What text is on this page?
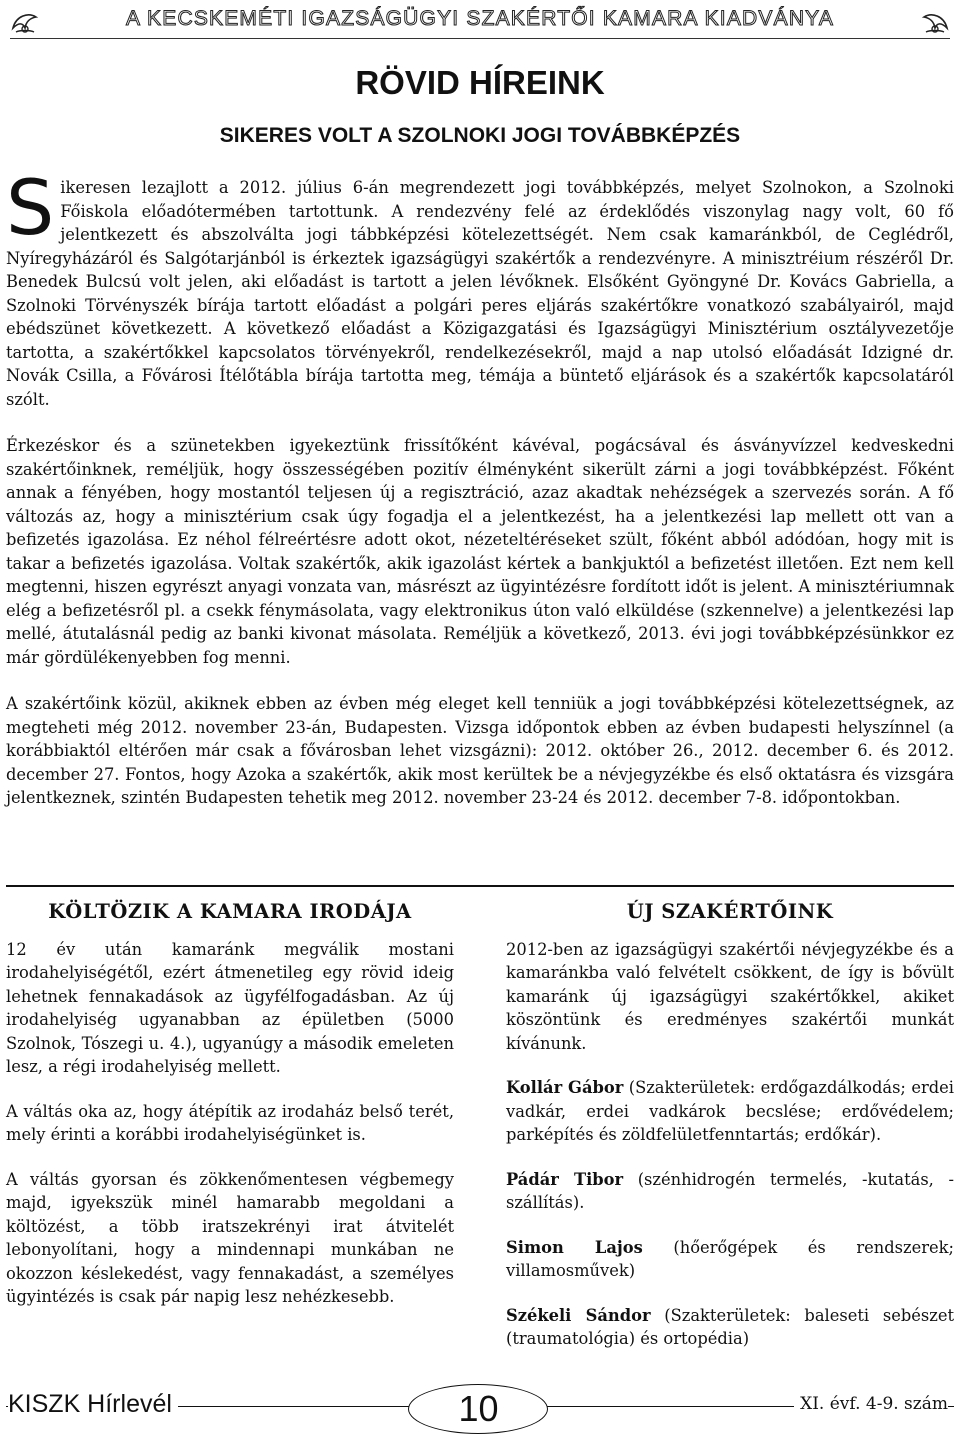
A KECSKEMÉTI IGAZSÁGÜGYI SZAKÉRTŐI KAMARA KIADVÁNYA
RÖVID HÍREINK
SIKERES VOLT A SZOLNOKI JOGI TOVÁBBKÉPZÉS

Sikeresen lezajlott a 2012. július 6-án megrendezett jogi továbbképzés, melyet Szolnokon, a Szolnoki Főiskola előadótermében tartottunk. A rendezvény felé az érdeklődés viszonylag nagy volt, 60 fő jelentkezett és abszolválta jogi tábbképzési kötelezettségét. Nem csak kamaránkból, de Ceglédről, Nyíregyházáról és Salgótarjánból is érkeztek igazságügyi szakértők a rendezvényre. A minisztréium részéről Dr. Benedek Bulcsú volt jelen, aki előadást is tartott a jelen lévőknek. Elsőként Gyöngyné Dr. Kovács Gabriella, a Szolnoki Törvényszék bírája tartott előadást a polgári peres eljárás szakértőkre vonatkozó szabályairól, majd ebédszünet következett. A következő előadást a Közigazgatási és Igazságügyi Minisztérium osztályvezetője tartotta, a szakértőkkel kapcsolatos törvényekről, rendelkezésekről, majd a nap utolsó előadását Idzigné dr. Novák Csilla, a Fővárosi Ítélőtábla bírája tartotta meg, témája a büntető eljárások és a szakértők kapcsolatáról szólt.

Érkezéskor és a szünetekben igyekeztünk frissítőként kávéval, pogácsával és ásványvízzel kedveskedni szakértőinknek, reméljük, hogy összességében pozitív élményként sikerült zárni a jogi továbbképzést. Főként annak a fényében, hogy mostantól teljesen új a regisztráció, azaz akadtak nehézségek a szervezés során. A fő változás az, hogy a minisztérium csak úgy fogadja el a jelentkezést, ha a jelentkezési lap mellett ott van a befizetés igazolása. Ez néhol félreértésre adott okot, nézeteltéréseket szült, főként abból adódóan, hogy mit is takar a befizetés igazolása. Voltak szakértők, akik igazolást kértek a bankjuktól a befizetést illetően. Ezt nem kell megtenni, hiszen egyrészt anyagi vonzata van, másrészt az ügyintézésre fordított időt is jelent. A minisztériumnak elég a befizetésről pl. a csekk fénymásolata, vagy elektronikus úton való elküldése (szkennelve) a jelentkezési lap mellé, átutalásnál pedig az banki kivonat másolata. Reméljük a következő, 2013. évi jogi továbbképzésünkkor ez már gördülékenyebben fog menni.

A szakértőink közül, akiknek ebben az évben még eleget kell tenniük a jogi továbbképzési kötelezettségnek, az megteheti még 2012. november 23-án, Budapesten. Vizsga időpontok ebben az évben budapesti helyszínnel (a korábbiaktól eltérően már csak a fővárosban lehet vizsgázni): 2012. október 26., 2012. december 6. és 2012. december 27. Fontos, hogy Azoka a szakértők, akik most kerültek be a névjegyzékbe és első oktatásra és vizsgára jelentkeznek, szintén Budapesten tehetik meg 2012. november 23-24 és 2012. december 7-8. időpontokban.

KÖLTÖZIK A KAMARA IRODÁJA

12 év után kamaránk megválik mostani irodahelyiségétől, ezért átmenetileg egy rövid ideig lehetnek fennakadások az ügyfélfogadásban. Az új irodahelyiség ugyanabban az épületben (5000 Szolnok, Tószegi u. 4.), ugyanúgy a második emeleten lesz, a régi irodahelyiség mellett.

A váltás oka az, hogy átépítik az irodaház belső terét, mely érinti a korábbi irodahelyiségünket is.

A váltás gyorsan és zökkenőmentesen végbemegy majd, igyekszük minél hamarabb megoldani a költözést, a több iratszekrényi irat átvitelét lebonyolítani, hogy a mindennapi munkában ne okozzon késlekedést, vagy fennakadást, a személyes ügyintézés is csak pár napig lesz nehézkesebb.

ÚJ SZAKÉRTŐINK

2012-ben az igazságügyi szakértői névjegyzékbe és a kamaránkba való felvételt csökkent, de így is bővült kamaránk új igazságügyi szakértőkkel, akiket köszöntünk és eredményes szakértői munkát kívánunk.

Kollár Gábor (Szakterületek: erdőgazdálkodás; erdei vadkár, erdei vadkárok becslése; erdővédelem; parképítés és zöldfelületfenntartás; erdőkár).

Pádár Tibor (szénhidrogén termelés, -kutatás, -szállítás).

Simon Lajos (hőerőgépek és rendszerek; villamosművek)

Székeli Sándor (Szakterületek: baleseti sebészet (traumatológia) és ortopédia)

KISZK Hírlevél	10	XI. évf. 4-9. szám
